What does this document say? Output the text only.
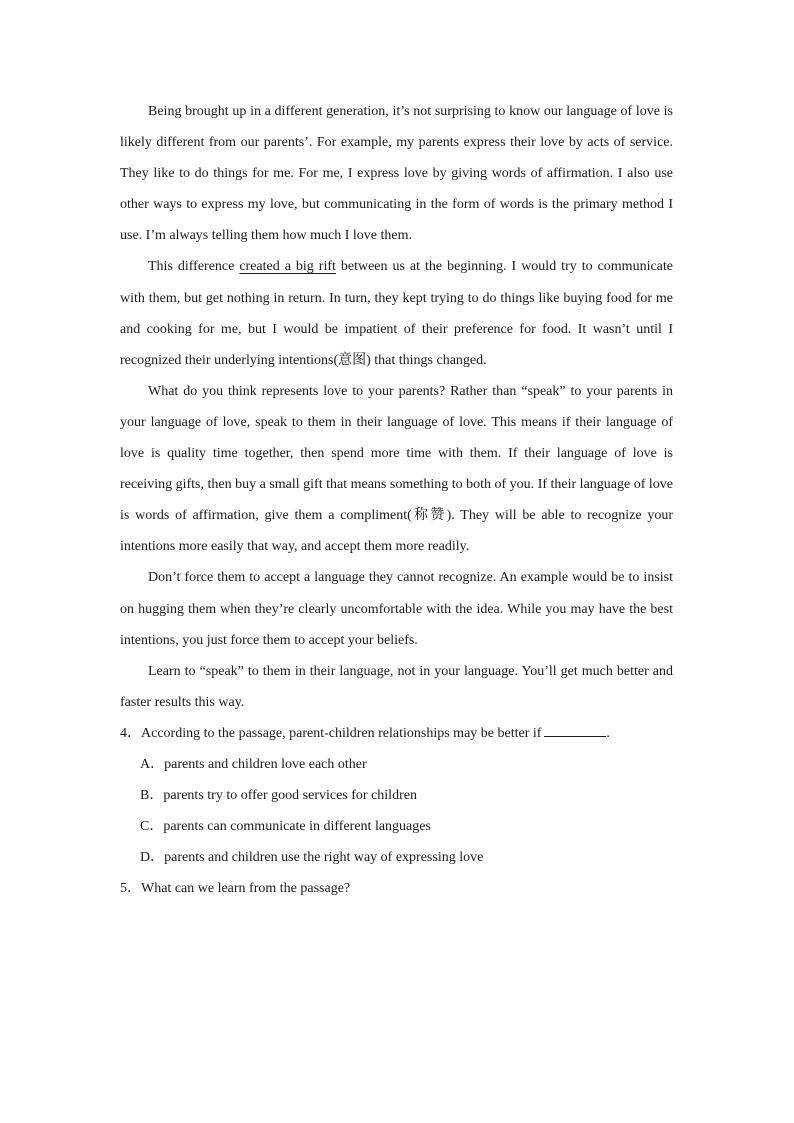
Being brought up in a different generation, it’s not surprising to know our language of love is likely different from our parents’. For example, my parents express their love by acts of service. They like to do things for me. For me, I express love by giving words of affirmation. I also use other ways to express my love, but communicating in the form of words is the primary method I use. I’m always telling them how much I love them.

This difference created a big rift between us at the beginning. I would try to communicate with them, but get nothing in return. In turn, they kept trying to do things like buying food for me and cooking for me, but I would be impatient of their preference for food. It wasn’t until I recognized their underlying intentions(意图) that things changed.

What do you think represents love to your parents? Rather than “speak” to your parents in your language of love, speak to them in their language of love. This means if their language of love is quality time together, then spend more time with them. If their language of love is receiving gifts, then buy a small gift that means something to both of you. If their language of love is words of affirmation, give them a compliment(称赞). They will be able to recognize your intentions more easily that way, and accept them more readily.

Don’t force them to accept a language they cannot recognize. An example would be to insist on hugging them when they’re clearly uncomfortable with the idea. While you may have the best intentions, you just force them to accept your beliefs.

Learn to “speak” to them in their language, not in your language. You’ll get much better and faster results this way.

4．According to the passage, parent-children relationships may be better if	.

A．parents and children love each other

B．parents try to offer good services for children

C．parents can communicate in different languages

D．parents and children use the right way of expressing love

5．What can we learn from the passage?
